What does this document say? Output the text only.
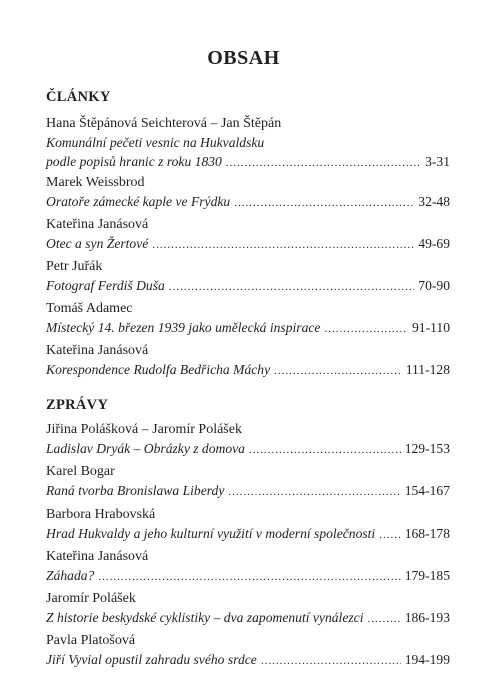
OBSAH
ČLÁNKY
Hana Štěpánová Seichterová – Jan Štěpán
Komunální pečeti vesnic na Hukvaldsku
podle popisů hranic z roku 1830 .....	3-31
Marek Weissbrod
Oratoře zámecké kaple ve Frýdku .....	32-48
Kateřina Janásová
Otec a syn Žertové .....	49-69
Petr Juřák
Fotograf Ferdiš Duša .....	70-90
Tomáš Adamec
Místecký 14. březen 1939 jako umělecká inspirace .....	91-110
Kateřina Janásová
Korespondence Rudolfa Bedřicha Máchy .....	111-128
ZPRÁVY
Jiřina Polášková – Jaromír Polášek
Ladislav Dryák – Obrázky z domova .....	129-153
Karel Bogar
Raná tvorba Bronislawa Liberdy .....	154-167
Barbora Hrabovská
Hrad Hukvaldy a jeho kulturní využití v moderní společnosti ..... 168-178
Kateřina Janásová
Záhada? .....	179-185
Jaromír Polášek
Z historie beskydské cyklistiky – dva zapomenutí vynálezci .....	186-193
Pavla Platošová
Jiří Vyvial opustil zahradu svého srdce .....	194-199
